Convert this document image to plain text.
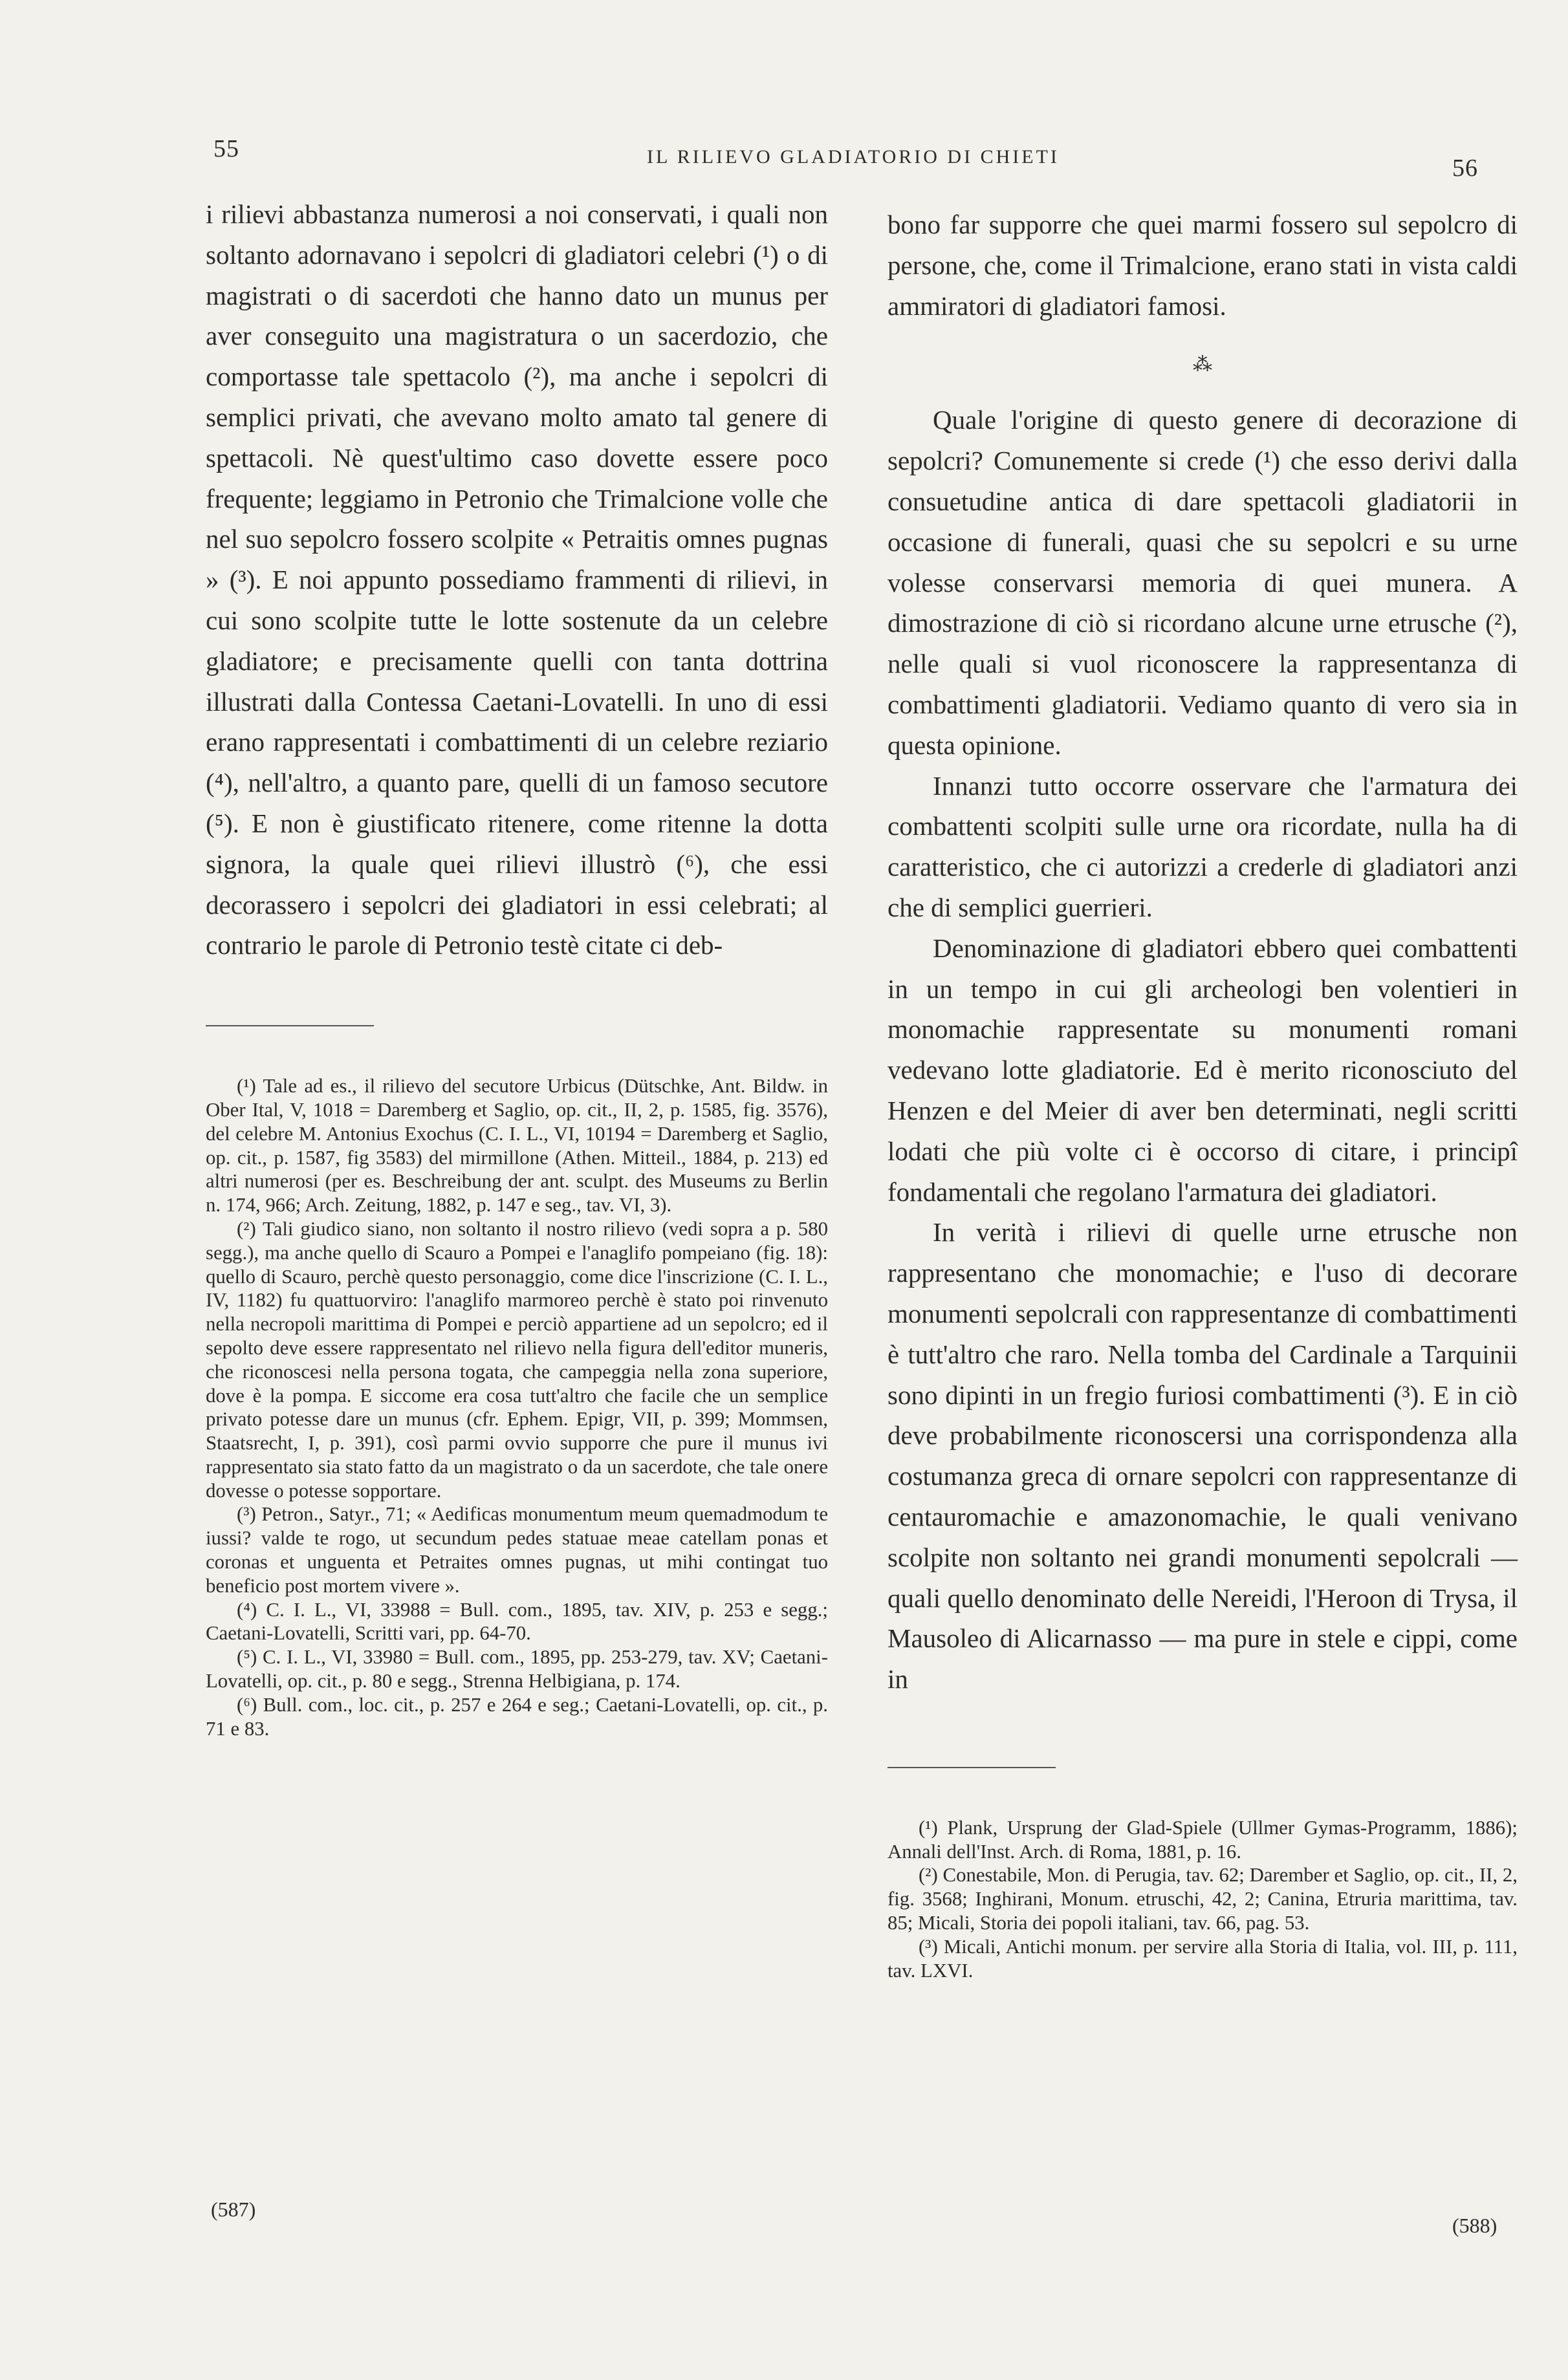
55	IL RILIEVO GLADIATORIO DI CHIETI	56

i rilievi abbastanza numerosi a noi conservati, i quali non soltanto adornavano i sepolcri di gladiatori celebri (¹) o di magistrati o di sacerdoti che hanno dato un munus per aver conseguito una magistratura o un sacerdozio, che comportasse tale spettacolo (²), ma anche i sepolcri di semplici privati, che avevano molto amato tal genere di spettacoli. Nè quest'ultimo caso dovette essere poco frequente; leggiamo in Petronio che Trimalcione volle che nel suo sepolcro fossero scolpite « Petraitis omnes pugnas » (³). E noi appunto possediamo frammenti di rilievi, in cui sono scolpite tutte le lotte sostenute da un celebre gladiatore; e precisamente quelli con tanta dottrina illustrati dalla Contessa Caetani-Lovatelli. In uno di essi erano rappresentati i combattimenti di un celebre reziario (⁴), nell'altro, a quanto pare, quelli di un famoso secutore (⁵). E non è giustificato ritenere, come ritenne la dotta signora, la quale quei rilievi illustrò (⁶), che essi decorassero i sepolcri dei gladiatori in essi celebrati; al contrario le parole di Petronio testè citate ci deb-

(¹) Tale ad es., il rilievo del secutore Urbicus (Dütschke, Ant. Bildw. in Ober Ital, V, 1018 = Daremberg et Saglio, op. cit., II, 2, p. 1585, fig. 3576), del celebre M. Antonius Exochus (C. I. L., VI, 10194 = Daremberg et Saglio, op. cit., p. 1587, fig 3583) del mirmillone (Athen. Mitteil., 1884, p. 213) ed altri numerosi (per es. Beschreibung der ant. sculpt. des Museums zu Berlin n. 174, 966; Arch. Zeitung, 1882, p. 147 e seg., tav. VI, 3).

(²) Tali giudico siano, non soltanto il nostro rilievo (vedi sopra a p. 580 segg.), ma anche quello di Scauro a Pompei e l'anaglifo pompeiano (fig. 18): quello di Scauro, perchè questo personaggio, come dice l'inscrizione (C. I. L., IV, 1182) fu quattuorviro: l'anaglifo marmoreo perchè è stato poi rinvenuto nella necropoli marittima di Pompei e perciò appartiene ad un sepolcro; ed il sepolto deve essere rappresentato nel rilievo nella figura dell'editor muneris, che riconoscesi nella persona togata, che campeggia nella zona superiore, dove è la pompa. E siccome era cosa tutt'altro che facile che un semplice privato potesse dare un munus (cfr. Ephem. Epigr, VII, p. 399; Mommsen, Staatsrecht, I, p. 391), così parmi ovvio supporre che pure il munus ivi rappresentato sia stato fatto da un magistrato o da un sacerdote, che tale onere dovesse o potesse sopportare.

(³) Petron., Satyr., 71; « Aedificas monumentum meum quemadmodum te iussi? valde te rogo, ut secundum pedes statuae meae catellam ponas et coronas et unguenta et Petraites omnes pugnas, ut mihi contingat tuo beneficio post mortem vivere ».

(⁴) C. I. L., VI, 33988 = Bull. com., 1895, tav. XIV, p. 253 e segg.; Caetani-Lovatelli, Scritti vari, pp. 64-70.

(⁵) C. I. L., VI, 33980 = Bull. com., 1895, pp. 253-279, tav. XV; Caetani-Lovatelli, op. cit., p. 80 e segg., Strenna Helbigiana, p. 174.

(⁶) Bull. com., loc. cit., p. 257 e 264 e seg.; Caetani-Lovatelli, op. cit., p. 71 e 83.

bono far supporre che quei marmi fossero sul sepolcro di persone, che, come il Trimalcione, erano stati in vista caldi ammiratori di gladiatori famosi.

⁂

Quale l'origine di questo genere di decorazione di sepolcri? Comunemente si crede (¹) che esso derivi dalla consuetudine antica di dare spettacoli gladiatorii in occasione di funerali, quasi che su sepolcri e su urne volesse conservarsi memoria di quei munera. A dimostrazione di ciò si ricordano alcune urne etrusche (²), nelle quali si vuol riconoscere la rappresentanza di combattimenti gladiatorii. Vediamo quanto di vero sia in questa opinione.

Innanzi tutto occorre osservare che l'armatura dei combattenti scolpiti sulle urne ora ricordate, nulla ha di caratteristico, che ci autorizzi a crederle di gladiatori anzi che di semplici guerrieri.

Denominazione di gladiatori ebbero quei combattenti in un tempo in cui gli archeologi ben volentieri in monomachie rappresentate su monumenti romani vedevano lotte gladiatorie. Ed è merito riconosciuto del Henzen e del Meier di aver ben determinati, negli scritti lodati che più volte ci è occorso di citare, i principî fondamentali che regolano l'armatura dei gladiatori.

In verità i rilievi di quelle urne etrusche non rappresentano che monomachie; e l'uso di decorare monumenti sepolcrali con rappresentanze di combattimenti è tutt'altro che raro. Nella tomba del Cardinale a Tarquinii sono dipinti in un fregio furiosi combattimenti (³). E in ciò deve probabilmente riconoscersi una corrispondenza alla costumanza greca di ornare sepolcri con rappresentanze di centauromachie e amazonomachie, le quali venivano scolpite non soltanto nei grandi monumenti sepolcrali — quali quello denominato delle Nereidi, l'Heroon di Trysa, il Mausoleo di Alicarnasso — ma pure in stele e cippi, come in

(¹) Plank, Ursprung der Glad-Spiele (Ullmer Gymas-Programm, 1886); Annali dell'Inst. Arch. di Roma, 1881, p. 16.

(²) Conestabile, Mon. di Perugia, tav. 62; Darember et Saglio, op. cit., II, 2, fig. 3568; Inghirani, Monum. etruschi, 42, 2; Canina, Etruria marittima, tav. 85; Micali, Storia dei popoli italiani, tav. 66, pag. 53.

(³) Micali, Antichi monum. per servire alla Storia di Italia, vol. III, p. 111, tav. LXVI.

(587)
(588)
